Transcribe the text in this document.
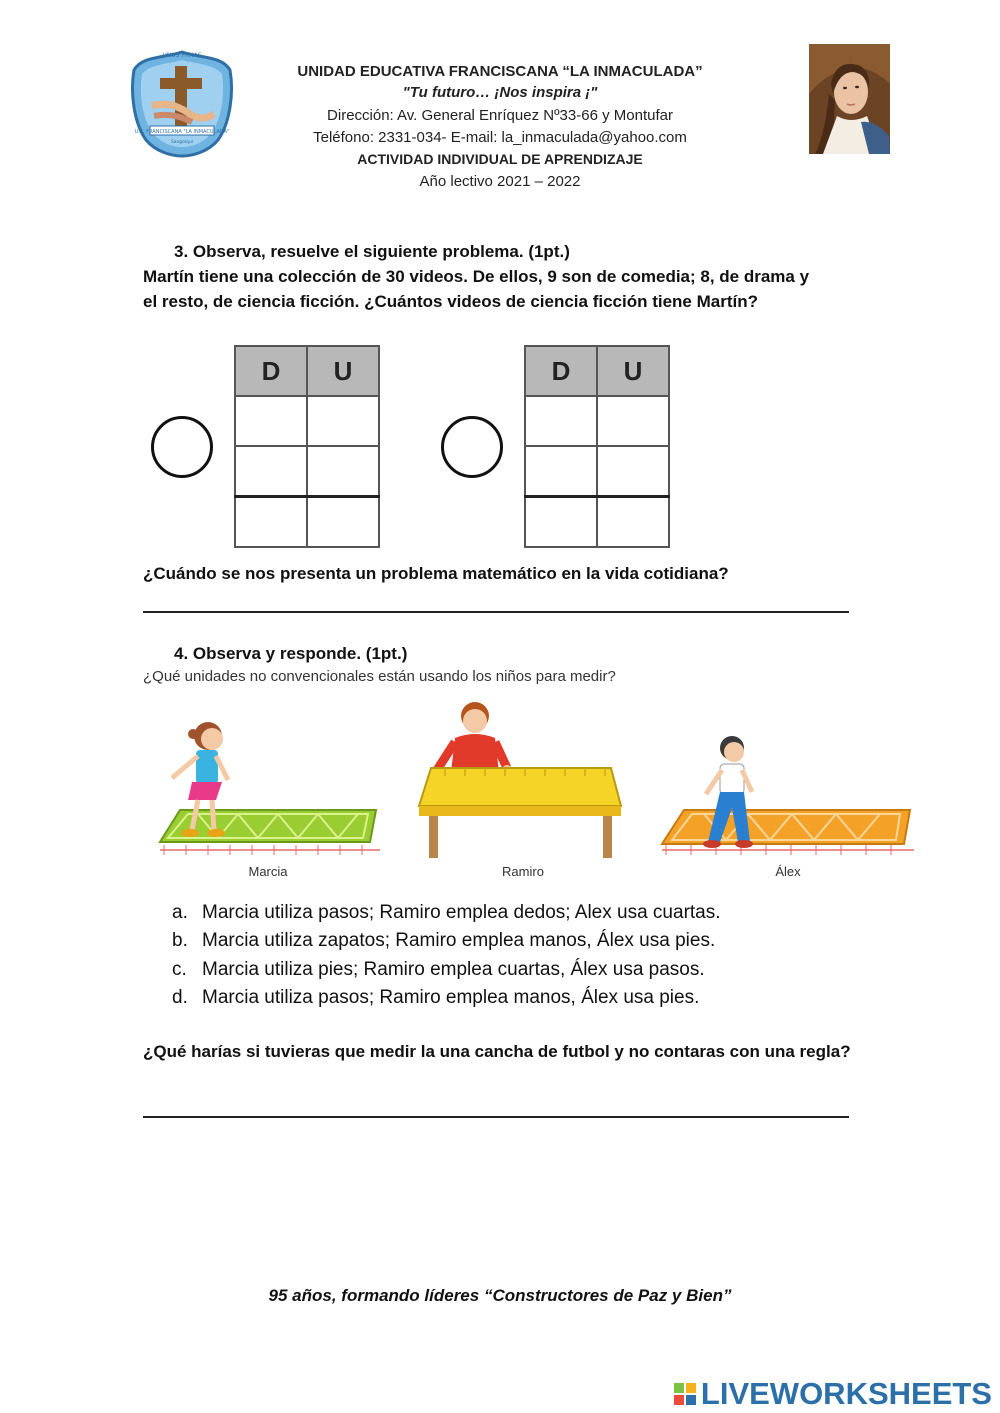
U.E. FRANCISCANA "LA INMACULADA"
UNUS PRNAS
Sangolquí
UNIDAD EDUCATIVA FRANCISCANA “LA INMACULADA”
"Tu futuro… ¡Nos inspira ¡"
Dirección: Av. General Enríquez Nº33-66 y Montufar
Teléfono: 2331-034- E-mail: la_inmaculada@yahoo.com
ACTIVIDAD INDIVIDUAL DE APRENDIZAJE
Año lectivo 2021 – 2022
3. Observa, resuelve el siguiente problema. (1pt.)
Martín tiene una colección de 30 videos. De ellos, 9 son de comedia; 8, de drama y el resto, de ciencia ficción. ¿Cuántos videos de ciencia ficción tiene Martín?
D	U

		D	U

¿Cuándo se nos presenta un problema matemático en la vida cotidiana?
4. Observa y responde. (1pt.)
¿Qué unidades no convencionales están usando los niños para medir?
Marcia	Ramiro	Álex
a. Marcia utiliza pasos; Ramiro emplea dedos; Alex usa cuartas.
b. Marcia utiliza zapatos; Ramiro emplea manos, Álex usa pies.
c. Marcia utiliza pies; Ramiro emplea cuartas, Álex usa pasos.
d. Marcia utiliza pasos; Ramiro emplea manos, Álex usa pies.
¿Qué harías si tuvieras que medir la una cancha de futbol y no contaras con una regla?
95 años, formando líderes “Constructores de Paz y Bien”
LIVEWORKSHEETS
